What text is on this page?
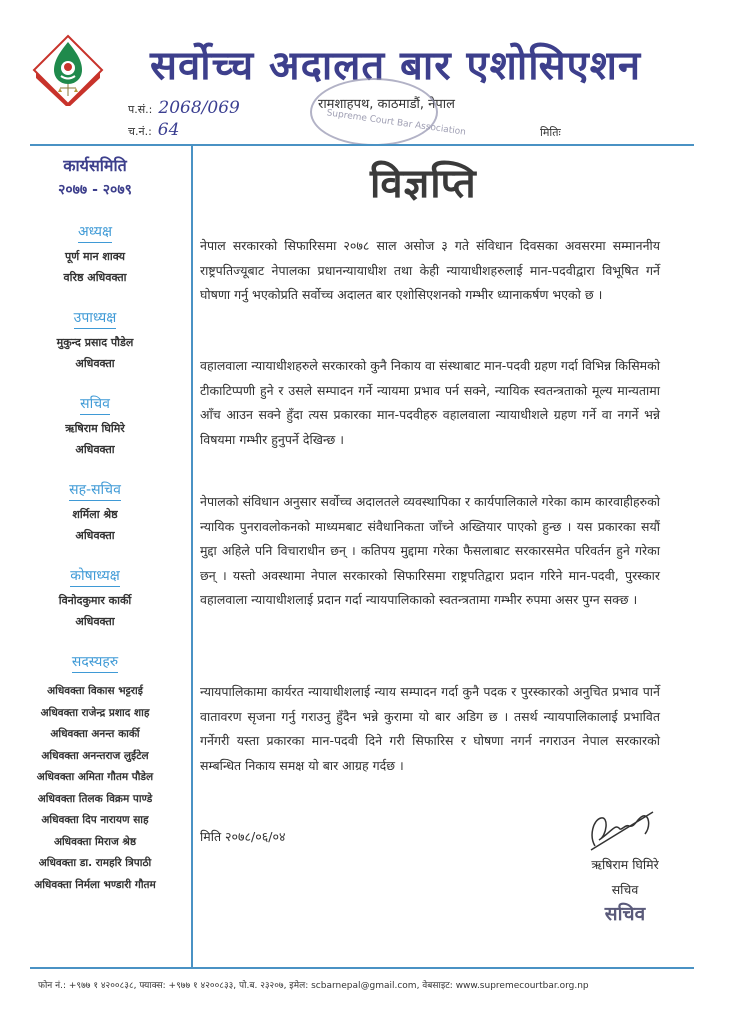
सर्वोच्च अदालत बार एशोसिएशन
रामशाहपथ, काठमाडौं, नेपाल
Supreme Court Bar Association
प.सं.: 2068/069
च.नं.: 64	मितिः
कार्यसमिति
२०७७ - २०७९
अध्यक्ष
पूर्ण मान शाक्य
वरिष्ठ अधिवक्ता
उपाध्यक्ष
मुकुन्द प्रसाद पौडेल
अधिवक्ता
सचिव
ऋषिराम घिमिरे
अधिवक्ता
सह-सचिव
शर्मिला श्रेष्ठ
अधिवक्ता
कोषाध्यक्ष
विनोदकुमार कार्की
अधिवक्ता
सदस्यहरु
अधिवक्ता विकास भट्टराई
अधिवक्ता राजेन्द्र प्रशाद शाह
अधिवक्ता अनन्त कार्की
अधिवक्ता अनन्तराज लुईंटेल
अधिवक्ता अमिता गौतम पौडेल
अधिवक्ता तिलक विक्रम पाण्डे
अधिवक्ता दिप नारायण साह
अधिवक्ता मिराज श्रेष्ठ
अधिवक्ता डा. रामहरि त्रिपाठी
अधिवक्ता निर्मला भण्डारी गौतम
विज्ञप्ति
नेपाल सरकारको सिफारिसमा २०७८ साल असोज ३ गते संविधान दिवसका अवसरमा सम्माननीय राष्ट्रपतिज्यूबाट नेपालका प्रधानन्यायाधीश तथा केही न्यायाधीशहरुलाई मान-पदवीद्वारा विभूषित गर्ने घोषणा गर्नु भएकोप्रति सर्वोच्च अदालत बार एशोसिएशनको गम्भीर ध्यानाकर्षण भएको छ ।
वहालवाला न्यायाधीशहरुले सरकारको कुनै निकाय वा संस्थाबाट मान-पदवी ग्रहण गर्दा विभिन्न किसिमको टीकाटिप्पणी हुने र उसले सम्पादन गर्ने न्यायमा प्रभाव पर्न सक्ने, न्यायिक स्वतन्त्रताको मूल्य मान्यतामा आँच आउन सक्ने हुँदा त्यस प्रकारका मान-पदवीहरु वहालवाला न्यायाधीशले ग्रहण गर्ने वा नगर्ने भन्ने विषयमा गम्भीर हुनुपर्ने देखिन्छ ।
नेपालको संविधान अनुसार सर्वोच्च अदालतले व्यवस्थापिका र कार्यपालिकाले गरेका काम कारवाहीहरुको न्यायिक पुनरावलोकनको माध्यमबाट संवैधानिकता जाँच्ने अख्तियार पाएको हुन्छ । यस प्रकारका सयौं मुद्दा अहिले पनि विचाराधीन छन् । कतिपय मुद्दामा गरेका फैसलाबाट सरकारसमेत परिवर्तन हुने गरेका छन् । यस्तो अवस्थामा नेपाल सरकारको सिफारिसमा राष्ट्रपतिद्वारा प्रदान गरिने मान-पदवी, पुरस्कार वहालवाला न्यायाधीशलाई प्रदान गर्दा न्यायपालिकाको स्वतन्त्रतामा गम्भीर रुपमा असर पुग्न सक्छ ।
न्यायपालिकामा कार्यरत न्यायाधीशलाई न्याय सम्पादन गर्दा कुनै पदक र पुरस्कारको अनुचित प्रभाव पार्ने वातावरण सृजना गर्नु गराउनु हुँदैन भन्ने कुरामा यो बार अडिग छ । तसर्थ न्यायपालिकालाई प्रभावित गर्नेगरी यस्ता प्रकारका मान-पदवी दिने गरी सिफारिस र घोषणा नगर्न नगराउन नेपाल सरकारको सम्बन्धित निकाय समक्ष यो बार आग्रह गर्दछ ।
मिति २०७८/०६/०४
ऋषिराम घिमिरे
सचिव
सचिव
फोन नं.: +९७७ १ ४२००८३८, फ्याक्स: +९७७ १ ४२००८३३, पो.ब. २३२०७, इमेल: scbarnepal@gmail.com, वेबसाइट: www.supremecourtbar.org.np
